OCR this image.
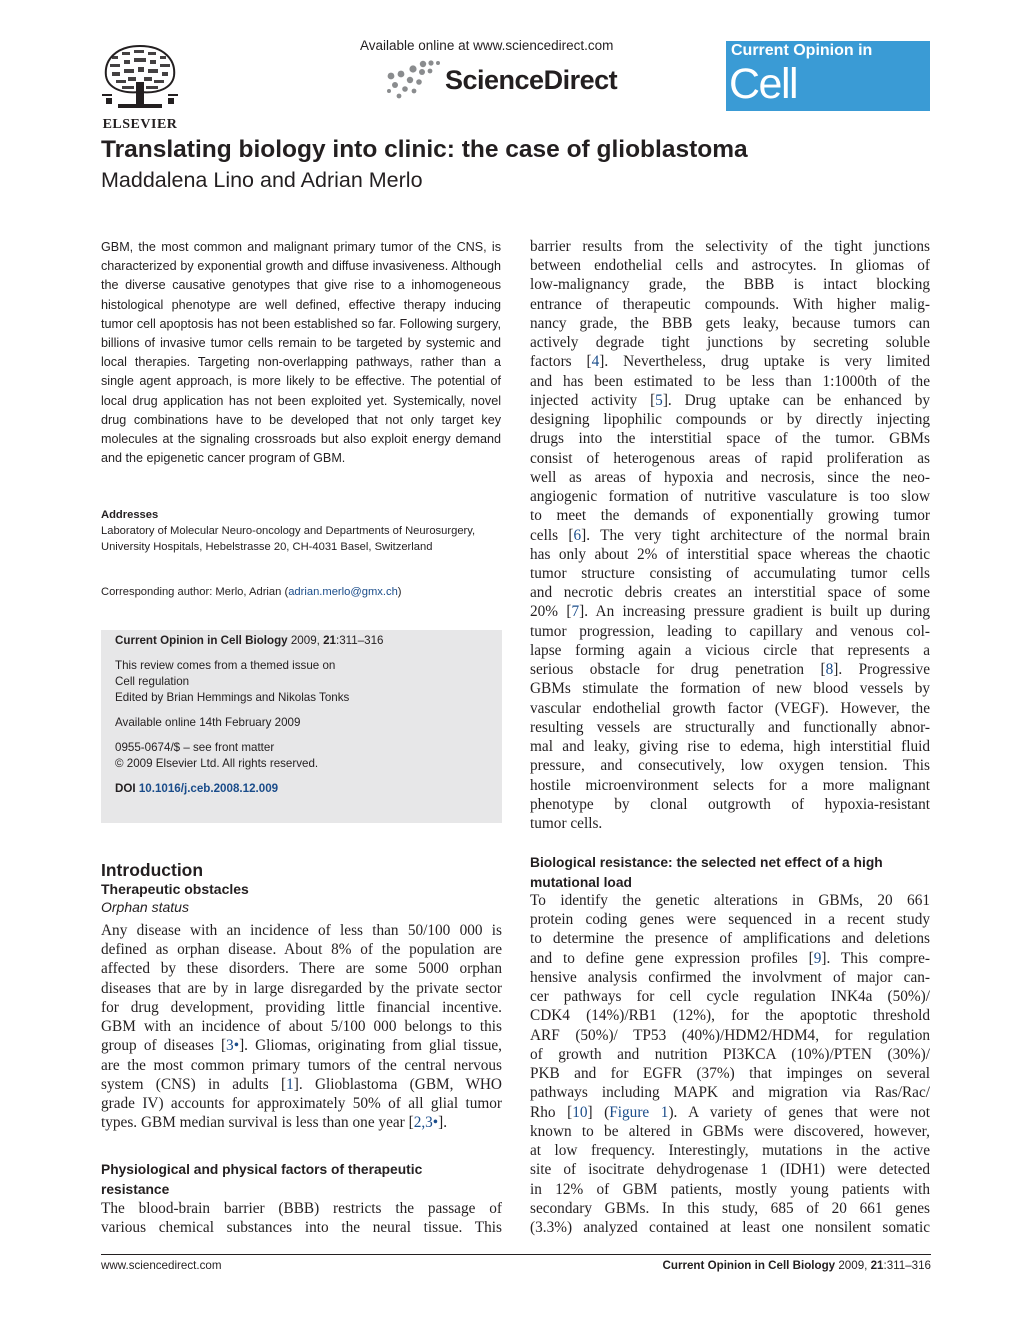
ELSEVIER
Available online at www.sciencedirect.com
ScienceDirect
Current Opinion in
Cell Biology
Translating biology into clinic: the case of glioblastoma
Maddalena Lino and Adrian Merlo
GBM, the most common and malignant primary tumor of the CNS, is characterized by exponential growth and diffuse invasiveness. Although the diverse causative genotypes that give rise to a inhomogeneous histological phenotype are well defined, effective therapy inducing tumor cell apoptosis has not been established so far. Following surgery, billions of invasive tumor cells remain to be targeted by systemic and local therapies. Targeting non-overlapping pathways, rather than a single agent approach, is more likely to be effective. The potential of local drug application has not been exploited yet. Systemically, novel drug combinations have to be developed that not only target key molecules at the signaling crossroads but also exploit energy demand and the epigenetic cancer program of GBM.
Addresses
Laboratory of Molecular Neuro-oncology and Departments of Neurosurgery, University Hospitals, Hebelstrasse 20, CH-4031 Basel, Switzerland
Corresponding author: Merlo, Adrian (adrian.merlo@gmx.ch)

Current Opinion in Cell Biology 2009, 21:311–316

This review comes from a themed issue on

Cell regulation

Edited by Brian Hemmings and Nikolas Tonks

Available online 14th February 2009

0955-0674/$ – see front matter

© 2009 Elsevier Ltd. All rights reserved.

DOI 10.1016/j.ceb.2008.12.009

Introduction
Therapeutic obstacles
Orphan status
Any disease with an incidence of less than 50/100 000 is
defined as orphan disease. About 8% of the population are
affected by these disorders. There are some 5000 orphan
diseases that are by in large disregarded by the private sector
for drug development, providing little financial incentive.
GBM with an incidence of about 5/100 000 belongs to this
group of diseases [3•]. Gliomas, originating from glial tissue,
are the most common primary tumors of the central nervous
system (CNS) in adults [1]. Glioblastoma (GBM, WHO
grade IV) accounts for approximately 50% of all glial tumor
types. GBM median survival is less than one year [2,3•].
Physiological and physical factors of therapeutic
resistance
The blood-brain barrier (BBB) restricts the passage of
various chemical substances into the neural tissue. This
barrier results from the selectivity of the tight junctions
between endothelial cells and astrocytes. In gliomas of
low-malignancy grade, the BBB is intact blocking
entrance of therapeutic compounds. With higher malig-
nancy grade, the BBB gets leaky, because tumors can
actively degrade tight junctions by secreting soluble
factors [4]. Nevertheless, drug uptake is very limited
and has been estimated to be less than 1:1000th of the
injected activity [5]. Drug uptake can be enhanced by
designing lipophilic compounds or by directly injecting
drugs into the interstitial space of the tumor. GBMs
consist of heterogenous areas of rapid proliferation as
well as areas of hypoxia and necrosis, since the neo-
angiogenic formation of nutritive vasculature is too slow
to meet the demands of exponentially growing tumor
cells [6]. The very tight architecture of the normal brain
has only about 2% of interstitial space whereas the chaotic
tumor structure consisting of accumulating tumor cells
and necrotic debris creates an interstitial space of some
20% [7]. An increasing pressure gradient is built up during
tumor progression, leading to capillary and venous col-
lapse forming again a vicious circle that represents a
serious obstacle for drug penetration [8]. Progressive
GBMs stimulate the formation of new blood vessels by
vascular endothelial growth factor (VEGF). However, the
resulting vessels are structurally and functionally abnor-
mal and leaky, giving rise to edema, high interstitial fluid
pressure, and consecutively, low oxygen tension. This
hostile microenvironment selects for a more malignant
phenotype by clonal outgrowth of hypoxia-resistant
tumor cells.
Biological resistance: the selected net effect of a high
mutational load
To identify the genetic alterations in GBMs, 20 661
protein coding genes were sequenced in a recent study
to determine the presence of amplifications and deletions
and to define gene expression profiles [9]. This compre-
hensive analysis confirmed the involvment of major can-
cer pathways for cell cycle regulation INK4a (50%)/
CDK4 (14%)/RB1 (12%), for the apoptotic threshold
ARF (50%)/ TP53 (40%)/HDM2/HDM4, for regulation
of growth and nutrition PI3KCA (10%)/PTEN (30%)/
PKB and for EGFR (37%) that impinges on several
pathways including MAPK and migration via Ras/Rac/
Rho [10] (Figure 1). A variety of genes that were not
known to be altered in GBMs were discovered, however,
at low frequency. Interestingly, mutations in the active
site of isocitrate dehydrogenase 1 (IDH1) were detected
in 12% of GBM patients, mostly young patients with
secondary GBMs. In this study, 685 of 20 661 genes
(3.3%) analyzed contained at least one nonsilent somatic
www.sciencedirect.com	Current Opinion in Cell Biology 2009, 21:311–316
